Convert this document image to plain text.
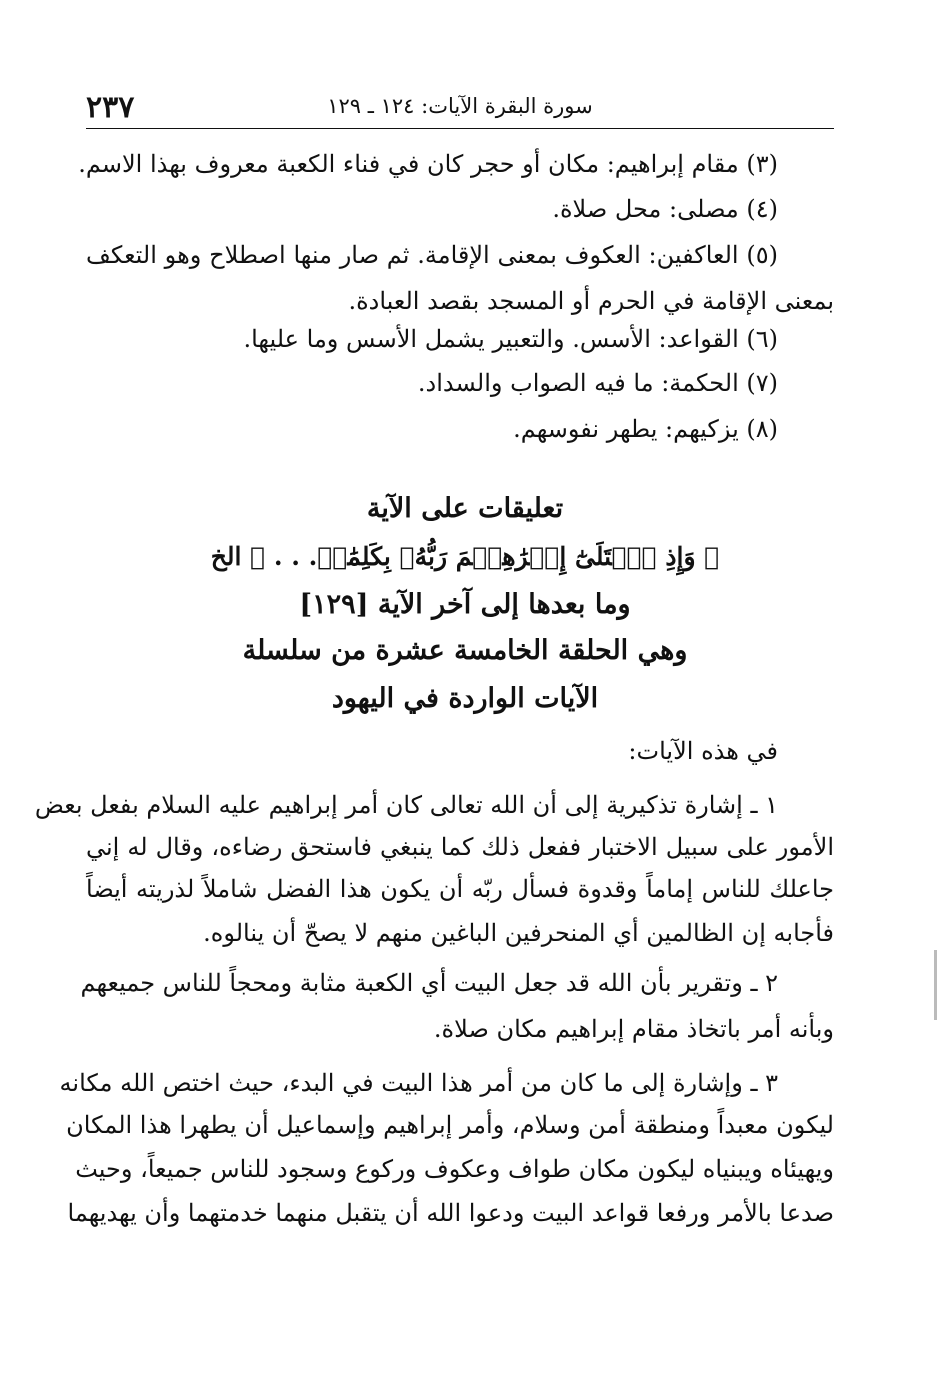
٢٣٧	سورة البقرة الآيات: ١٢٤ ـ ١٢٩
(٣) مقام إبراهيم: مكان أو حجر كان في فناء الكعبة معروف بهذا الاسم.
(٤) مصلى: محل صلاة.
(٥) العاكفين: العكوف بمعنى الإقامة. ثم صار منها اصطلاح وهو التعكف
بمعنى الإقامة في الحرم أو المسجد بقصد العبادة.
(٦) القواعد: الأسس. والتعبير يشمل الأسس وما عليها.
(٧) الحكمة: ما فيه الصواب والسداد.
(٨) يزكيهم: يطهر نفوسهم.
تعليقات على الآية
﴿ وَإِذِ ٱبۡتَلَىٰٓ إِبۡرَٰهِـۧمَ رَبُّهُۥ بِكَلِمَٰتٖ. . . ﴾ الخ
وما بعدها إلى آخر الآية [١٢٩]
وهي الحلقة الخامسة عشرة من سلسلة
الآيات الواردة في اليهود
في هذه الآيات:
١ ـ إشارة تذكيرية إلى أن الله تعالى كان أمر إبراهيم عليه السلام بفعل بعض
الأمور على سبيل الاختبار ففعل ذلك كما ينبغي فاستحق رضاءه، وقال له إني
جاعلك للناس إماماً وقدوة فسأل ربّه أن يكون هذا الفضل شاملاً لذريته أيضاً
فأجابه إن الظالمين أي المنحرفين الباغين منهم لا يصحّ أن ينالوه.
٢ ـ وتقرير بأن الله قد جعل البيت أي الكعبة مثابة ومحجاً للناس جميعهم
وبأنه أمر باتخاذ مقام إبراهيم مكان صلاة.
٣ ـ وإشارة إلى ما كان من أمر هذا البيت في البدء، حيث اختص الله مكانه
ليكون معبداً ومنطقة أمن وسلام، وأمر إبراهيم وإسماعيل أن يطهرا هذا المكان
ويهيئاه ويبنياه ليكون مكان طواف وعكوف وركوع وسجود للناس جميعاً، وحيث
صدعا بالأمر ورفعا قواعد البيت ودعوا الله أن يتقبل منهما خدمتهما وأن يهديهما
